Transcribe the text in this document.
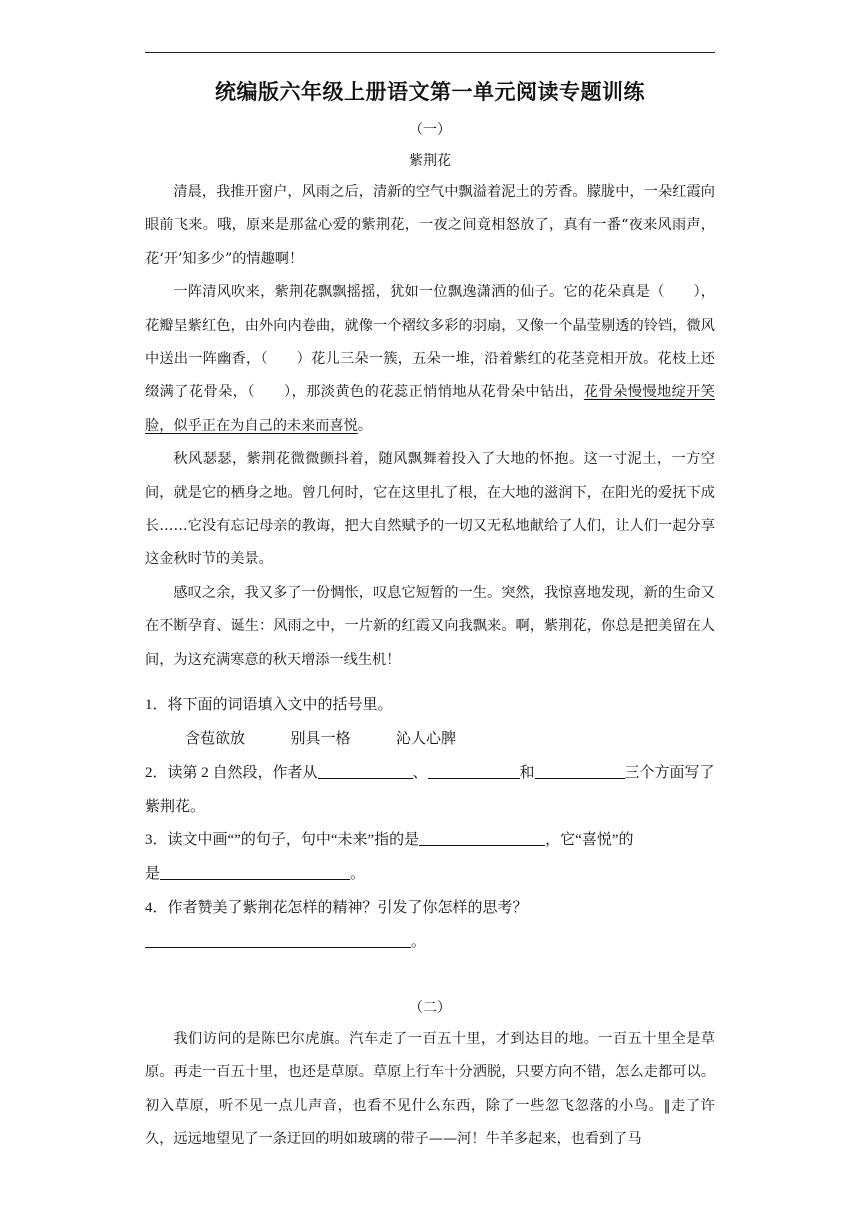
统编版六年级上册语文第一单元阅读专题训练
（一）
紫荆花

清晨，我推开窗户，风雨之后，清新的空气中飘溢着泥土的芳香。朦胧中，一朵红霞向眼前飞来。哦，原来是那盆心爱的紫荆花，一夜之间竟相怒放了，真有一番“夜来风雨声，花‘开’知多少”的情趣啊！

一阵清风吹来，紫荆花飘飘摇摇，犹如一位飘逸潇洒的仙子。它的花朵真是（　　），花瓣呈紫红色，由外向内卷曲，就像一个褶纹多彩的羽扇，又像一个晶莹剔透的铃铛，微风中送出一阵幽香，（　　）花儿三朵一簇，五朵一堆，沿着紫红的花茎竞相开放。花枝上还缀满了花骨朵，（　　），那淡黄色的花蕊正悄悄地从花骨朵中钻出，花骨朵慢慢地绽开笑脸，似乎正在为自己的未来而喜悦。

秋风瑟瑟，紫荆花微微颤抖着，随风飘舞着投入了大地的怀抱。这一寸泥土，一方空间，就是它的栖身之地。曾几何时，它在这里扎了根，在大地的滋润下，在阳光的爱抚下成长……它没有忘记母亲的教诲，把大自然赋予的一切又无私地献给了人们，让人们一起分享这金秋时节的美景。

感叹之余，我又多了一份惆怅，叹息它短暂的一生。突然，我惊喜地发现，新的生命又在不断孕育、诞生：风雨之中，一片新的红霞又向我飘来。啊，紫荆花，你总是把美留在人间，为这充满寒意的秋天增添一线生机！

1．将下面的词语填入文中的括号里。
含苞欲放	别具一格	沁人心脾
2．读第 2 自然段，作者从	、	和	三个方面写了
紫荆花。
3．读文中画“”的句子，句中“未来”指的是	，它“喜悦”的
是	。
4．作者赞美了紫荆花怎样的精神？引发了你怎样的思考？
。
（二）

我们访问的是陈巴尔虎旗。汽车走了一百五十里，才到达目的地。一百五十里全是草原。再走一百五十里，也还是草原。草原上行车十分洒脱，只要方向不错，怎么走都可以。初入草原，听不见一点儿声音，也看不见什么东西，除了一些忽飞忽落的小鸟。‖走了许久，远远地望见了一条迂回的明如玻璃的带子——河！牛羊多起来，也看到了马
